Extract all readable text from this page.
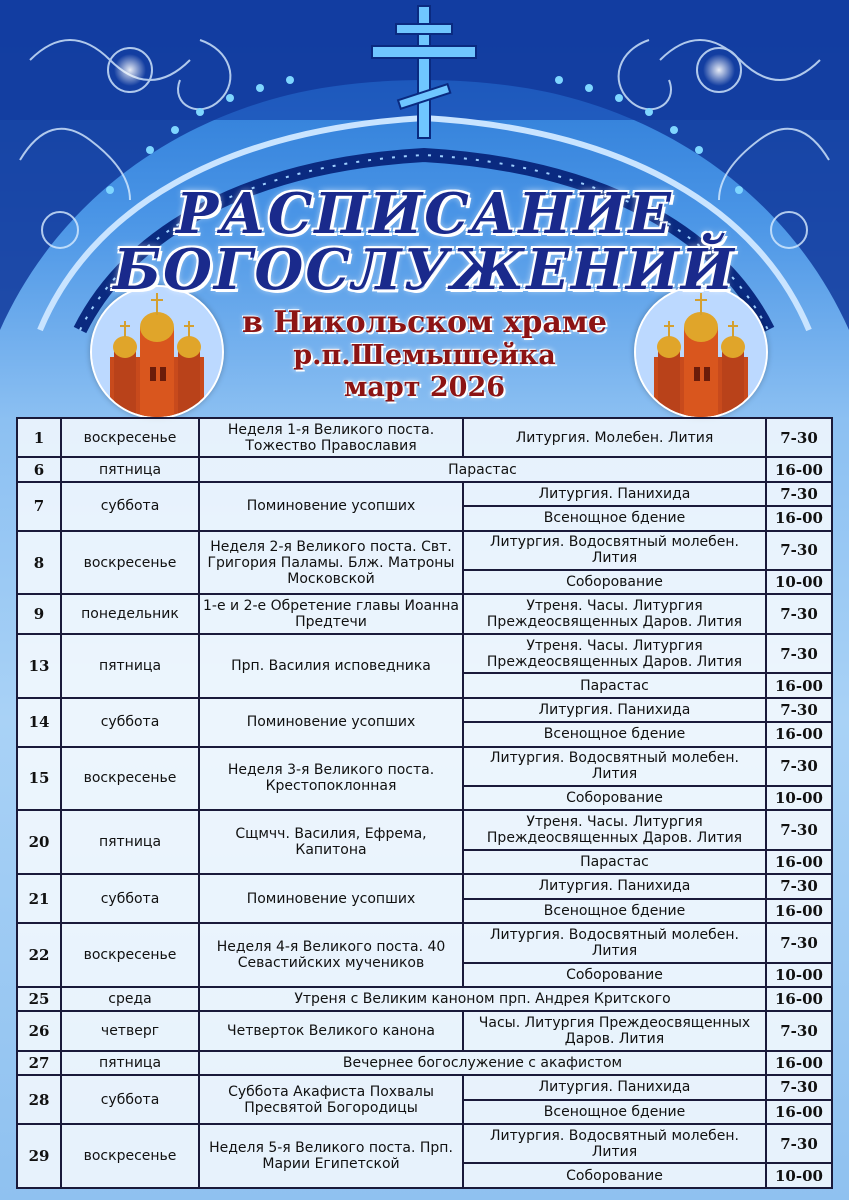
РАСПИСАНИЕ
БОГОСЛУЖЕНИЙ
в Никольском храме
р.п.Шемышейка
март 2026
1	воскресенье	Неделя 1-я Великого поста. Тожество Православия	Литургия. Молебен. Лития	7-30
6	пятница	Парастас		16-00
7	суббота	Поминовение усопших	Литургия. Панихида	7-30
			Всенощное бдение	16-00
8	воскресенье	Неделя 2-я Великого поста. Свт. Григория Паламы. Блж. Матроны Московской	Литургия. Водосвятный молебен. Лития	7-30
			Соборование	10-00
9	понедельник	1-е и 2-е Обретение главы Иоанна Предтечи	Утреня. Часы. Литургия Преждеосвященных Даров. Лития	7-30
13	пятница	Прп. Василия исповедника	Утреня. Часы. Литургия Преждеосвященных Даров. Лития	7-30
			Парастас	16-00
14	суббота	Поминовение усопших	Литургия. Панихида	7-30
			Всенощное бдение	16-00
15	воскресенье	Неделя 3-я Великого поста. Крестопоклонная	Литургия. Водосвятный молебен. Лития	7-30
			Соборование	10-00
20	пятница	Сщмчч. Василия, Ефрема, Капитона	Утреня. Часы. Литургия Преждеосвященных Даров. Лития	7-30
			Парастас	16-00
21	суббота	Поминовение усопших	Литургия. Панихида	7-30
			Всенощное бдение	16-00
22	воскресенье	Неделя 4-я Великого поста. 40 Севастийских мучеников	Литургия. Водосвятный молебен. Лития	7-30
			Соборование	10-00
25	среда	Утреня с Великим каноном прп. Андрея Критского		16-00
26	четверг	Четверток Великого канона	Часы. Литургия Преждеосвященных Даров. Лития	7-30
27	пятница	Вечернее богослужение с акафистом		16-00
28	суббота	Суббота Акафиста Похвалы Пресвятой Богородицы	Литургия. Панихида	7-30
			Всенощное бдение	16-00
29	воскресенье	Неделя 5-я Великого поста. Прп. Марии Египетской	Литургия. Водосвятный молебен. Лития	7-30
			Соборование	10-00
